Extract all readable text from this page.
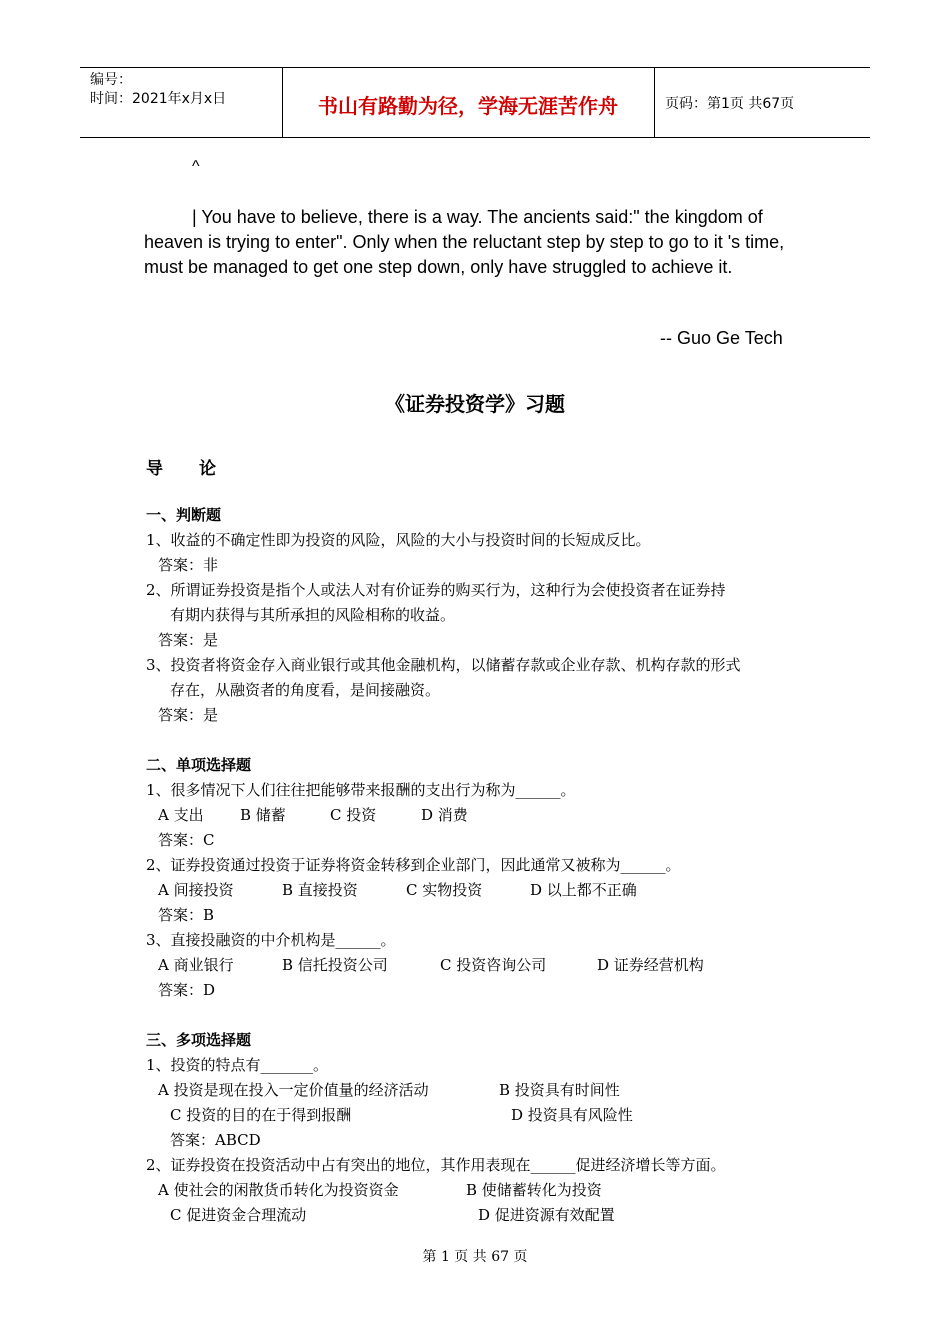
编号：
时间：2021年x月x日	书山有路勤为径，学海无涯苦作舟	页码：第1页 共67页
^
| You have to believe, there is a way. The ancients said:" the kingdom of heaven is trying to enter". Only when the reluctant step by step to go to it 's time, must be managed to get one step down, only have struggled to achieve it.
-- Guo Ge Tech
《证券投资学》习题
导 论
一、判断题
1、收益的不确定性即为投资的风险，风险的大小与投资时间的长短成反比。
答案：非
2、所谓证券投资是指个人或法人对有价证券的购买行为，这种行为会使投资者在证券持
有期内获得与其所承担的风险相称的收益。
答案：是
3、投资者将资金存入商业银行或其他金融机构，以储蓄存款或企业存款、机构存款的形式
存在，从融资者的角度看，是间接融资。
答案：是
二、单项选择题
1、很多情况下人们往往把能够带来报酬的支出行为称为______。
A 支出 B 储蓄	C 投资	D 消费
答案：C
2、证券投资通过投资于证券将资金转移到企业部门，因此通常又被称为______。
A 间接投资	B 直接投资	C 实物投资	D 以上都不正确
答案：B
3、直接投融资的中介机构是______。
A 商业银行	B 信托投资公司	C 投资咨询公司	D 证券经营机构
答案：D
三、多项选择题
1、投资的特点有_______。
A 投资是现在投入一定价值量的经济活动	B 投资具有时间性
C 投资的目的在于得到报酬	D 投资具有风险性
答案：ABCD
2、证券投资在投资活动中占有突出的地位，其作用表现在______促进经济增长等方面。
A 使社会的闲散货币转化为投资资金	B 使储蓄转化为投资
C 促进资金合理流动	D 促进资源有效配置
第 1 页 共 67 页
